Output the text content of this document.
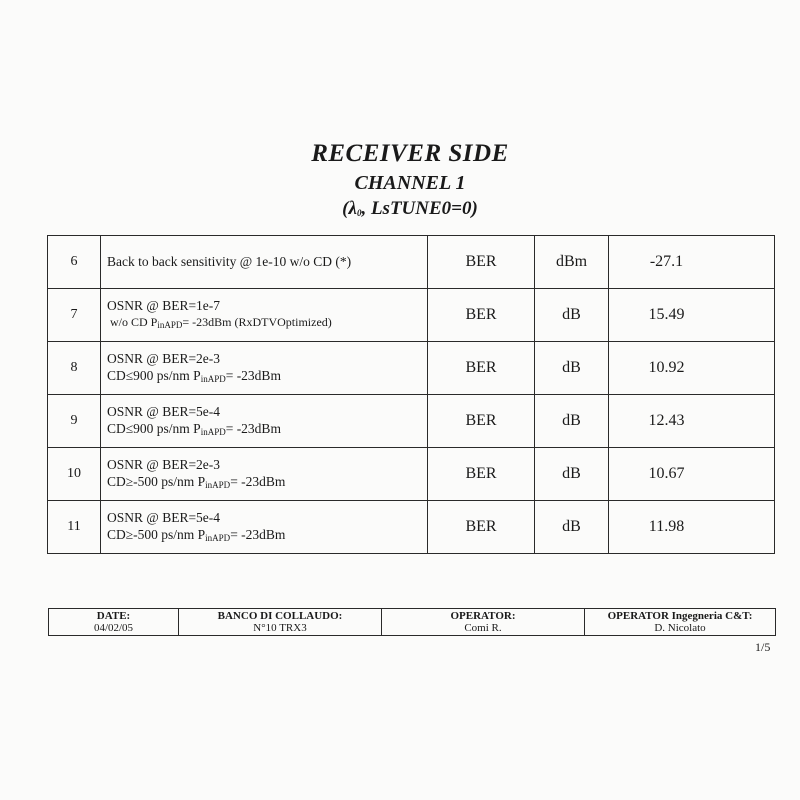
RECEIVER SIDE
CHANNEL 1
($\lambda_0$, LsTUNE0=0)
6	Back to back sensitivity @ 1e-10 w/o CD (*)	BER	dBm	-27.1
7	OSNR @ BER=1e-7
w/o CD $P_{inAPD}= -23dBm$ (RxDTVOptimized)	BER	dB	15.49
8	OSNR @ BER=2e-3
CD≤900 ps/nm $P_{inAPD}= -23dBm$	BER	dB	10.92
9	OSNR @ BER=5e-4
CD≤900 ps/nm $P_{inAPD}= -23dBm$	BER	dB	12.43
10	OSNR @ BER=2e-3
CD≥-500 ps/nm $P_{inAPD}= -23dBm$	BER	dB	10.67
11	OSNR @ BER=5e-4
CD≥-500 ps/nm $P_{inAPD}= -23dBm$	BER	dB	11.98
DATE:
04/02/05

BANCO DI COLLAUDO:
N°10 TRX3

OPERATOR:
Comi R.

OPERATOR Ingegneria C&T:
D. Nicolato
1/5
